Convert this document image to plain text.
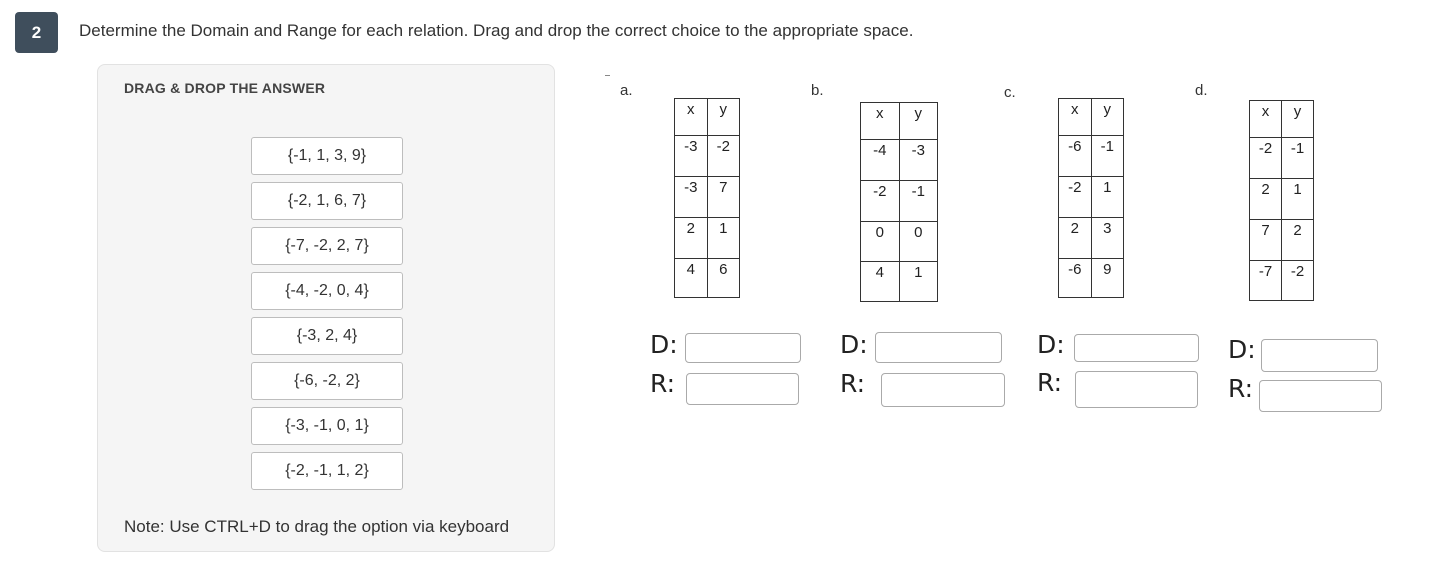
2	Determine the Domain and Range for each relation. Drag and drop the correct choice to the appropriate space.
DRAG & DROP THE ANSWER
{-1, 1, 3, 9}
{-2, 1, 6, 7}
{-7, -2, 2, 7}
{-4, -2, 0, 4}
{-3, 2, 4}
{-6, -2, 2}
{-3, -1, 0, 1}
{-2, -1, 1, 2}
Note: Use CTRL+D to drag the option via keyboard
a.
x	y
-3	-2
-3	7
2	1
4	6
D:
R:
b.
x	y
-4	-3
-2	-1
0	0
4	1
D:
R:
c.
x	y
-6	-1
-2	1
2	3
-6	9
D:
R:
d.
x	y
-2	-1
2	1
7	2
-7	-2
D:
R:
